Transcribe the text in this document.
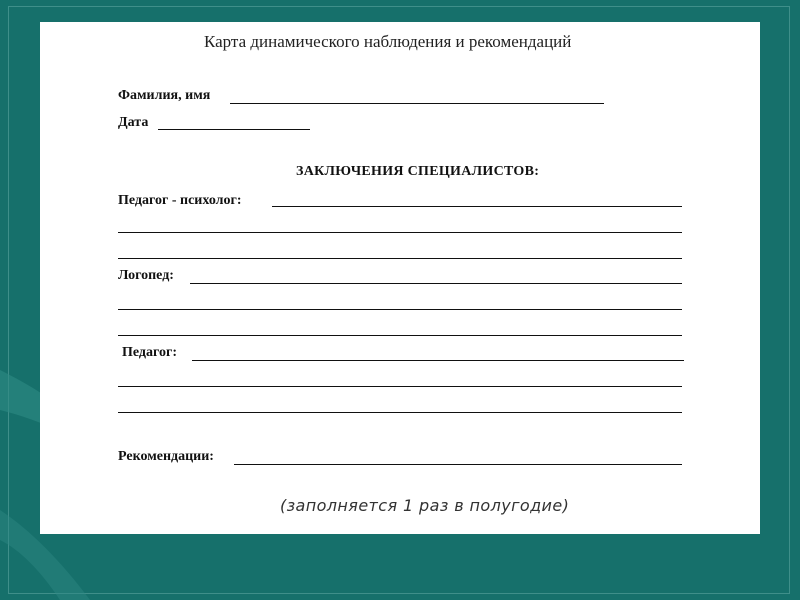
Карта динамического наблюдения и рекомендаций
Фамилия, имя
Дата
ЗАКЛЮЧЕНИЯ СПЕЦИАЛИСТОВ:
Педагог - психолог:
Логопед:
Педагог:
Рекомендации:
(заполняется 1 раз в полугодие)
